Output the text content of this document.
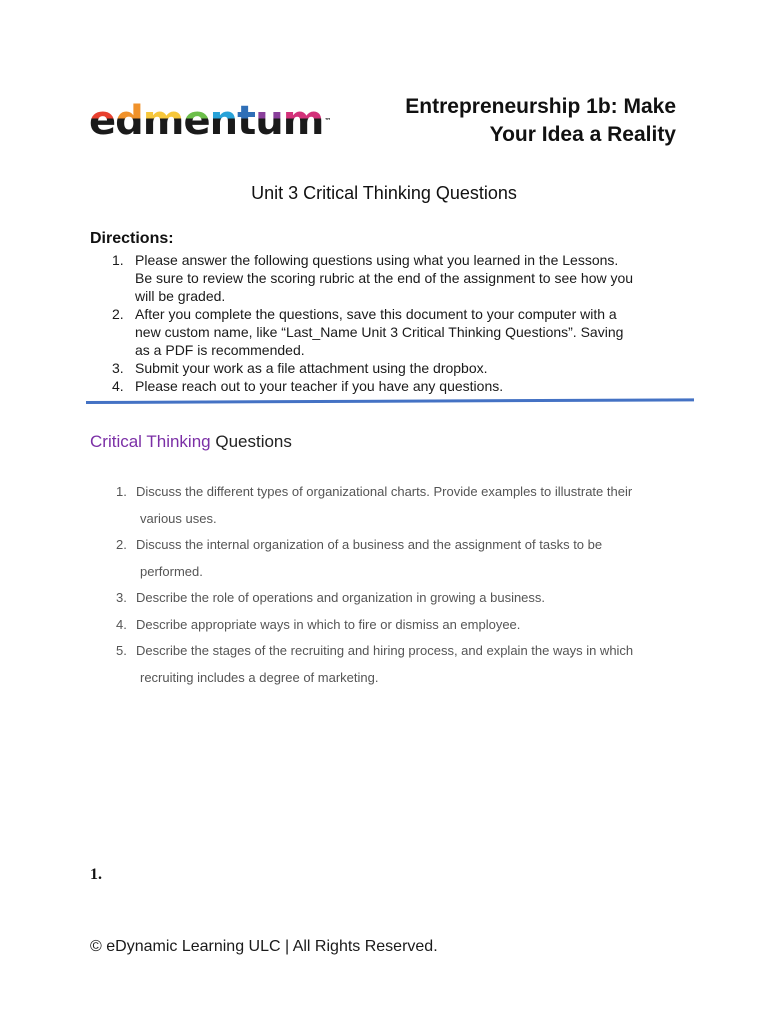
edmentum™
Entrepreneurship 1b: Make
Your Idea a Reality
Unit 3 Critical Thinking Questions
Directions:
1. Please answer the following questions using what you learned in the Lessons.
Be sure to review the scoring rubric at the end of the assignment to see how you
will be graded.
2. After you complete the questions, save this document to your computer with a
new custom name, like “Last_Name Unit 3 Critical Thinking Questions”. Saving
as a PDF is recommended.
3. Submit your work as a file attachment using the dropbox.
4. Please reach out to your teacher if you have any questions.
Critical Thinking Questions
1. Discuss the different types of organizational charts. Provide examples to illustrate their
various uses.
2. Discuss the internal organization of a business and the assignment of tasks to be
performed.
3. Describe the role of operations and organization in growing a business.
4. Describe appropriate ways in which to fire or dismiss an employee.
5. Describe the stages of the recruiting and hiring process, and explain the ways in which
recruiting includes a degree of marketing.
1.
© eDynamic Learning ULC | All Rights Reserved.
